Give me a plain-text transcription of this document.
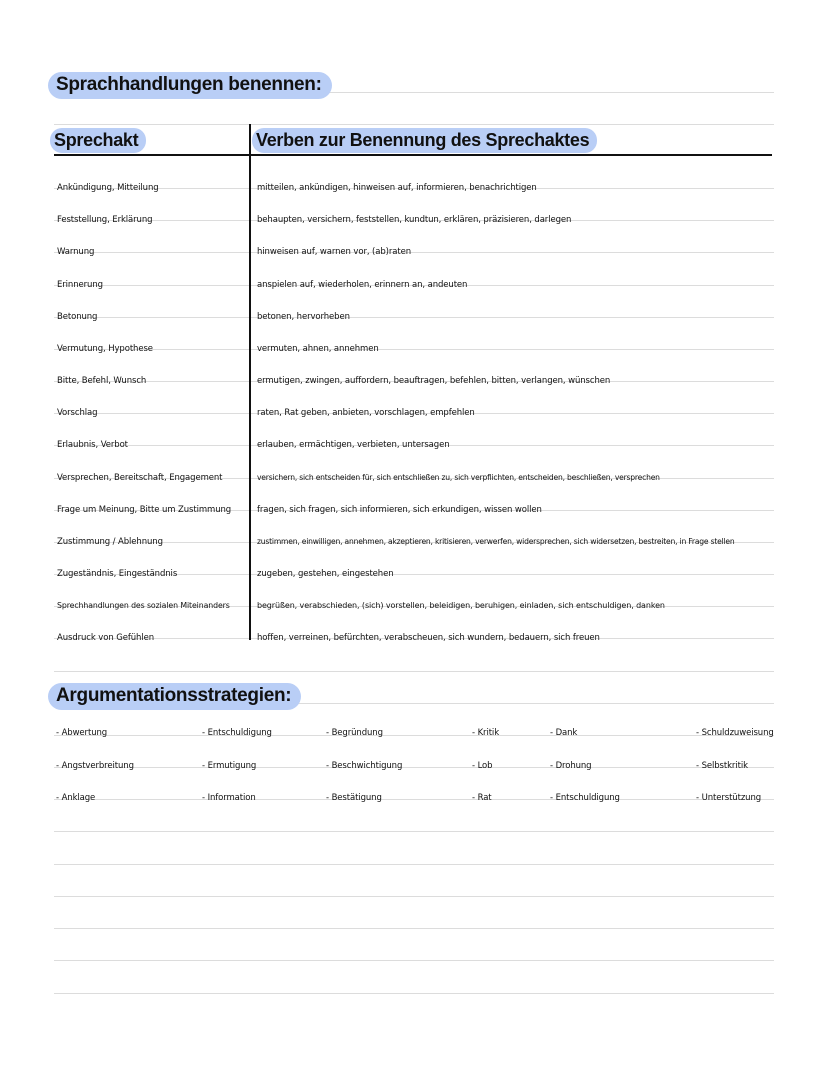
Sprachhandlungen benennen:
Sprechakt	Verben zur Benennung des Sprechaktes
Ankündigung, Mitteilung	mitteilen, ankündigen, hinweisen auf, informieren, benachrichtigen
Feststellung, Erklärung	behaupten, versichern, feststellen, kundtun, erklären, präzisieren, darlegen
Warnung	hinweisen auf, warnen vor, (ab)raten
Erinnerung	anspielen auf, wiederholen, erinnern an, andeuten
Betonung	betonen, hervorheben
Vermutung, Hypothese	vermuten, ahnen, annehmen
Bitte, Befehl, Wunsch	ermutigen, zwingen, auffordern, beauftragen, befehlen, bitten, verlangen, wünschen
Vorschlag	raten, Rat geben, anbieten, vorschlagen, empfehlen
Erlaubnis, Verbot	erlauben, ermächtigen, verbieten, untersagen
Versprechen, Bereitschaft, Engagement	versichern, sich entscheiden für, sich entschließen zu, sich verpflichten, entscheiden, beschließen, versprechen
Frage um Meinung, Bitte um Zustimmung	fragen, sich fragen, sich informieren, sich erkundigen, wissen wollen
Zustimmung / Ablehnung	zustimmen, einwilligen, annehmen, akzeptieren, kritisieren, verwerfen, widersprechen, sich widersetzen, bestreiten, in Frage stellen
Zugeständnis, Eingeständnis	zugeben, gestehen, eingestehen
Sprechhandlungen des sozialen Miteinanders	begrüßen, verabschieden, (sich) vorstellen, beleidigen, beruhigen, einladen, sich entschuldigen, danken
Ausdruck von Gefühlen	hoffen, verreinen, befürchten, verabscheuen, sich wundern, bedauern, sich freuen
Argumentationsstrategien:
- Abwertung	- Entschuldigung	- Begründung	- Kritik	- Dank	- Schuldzuweisung
- Angstverbreitung	- Ermutigung	- Beschwichtigung	- Lob	- Drohung	- Selbstkritik
- Anklage	- Information	- Bestätigung	- Rat	- Entschuldigung	- Unterstützung
